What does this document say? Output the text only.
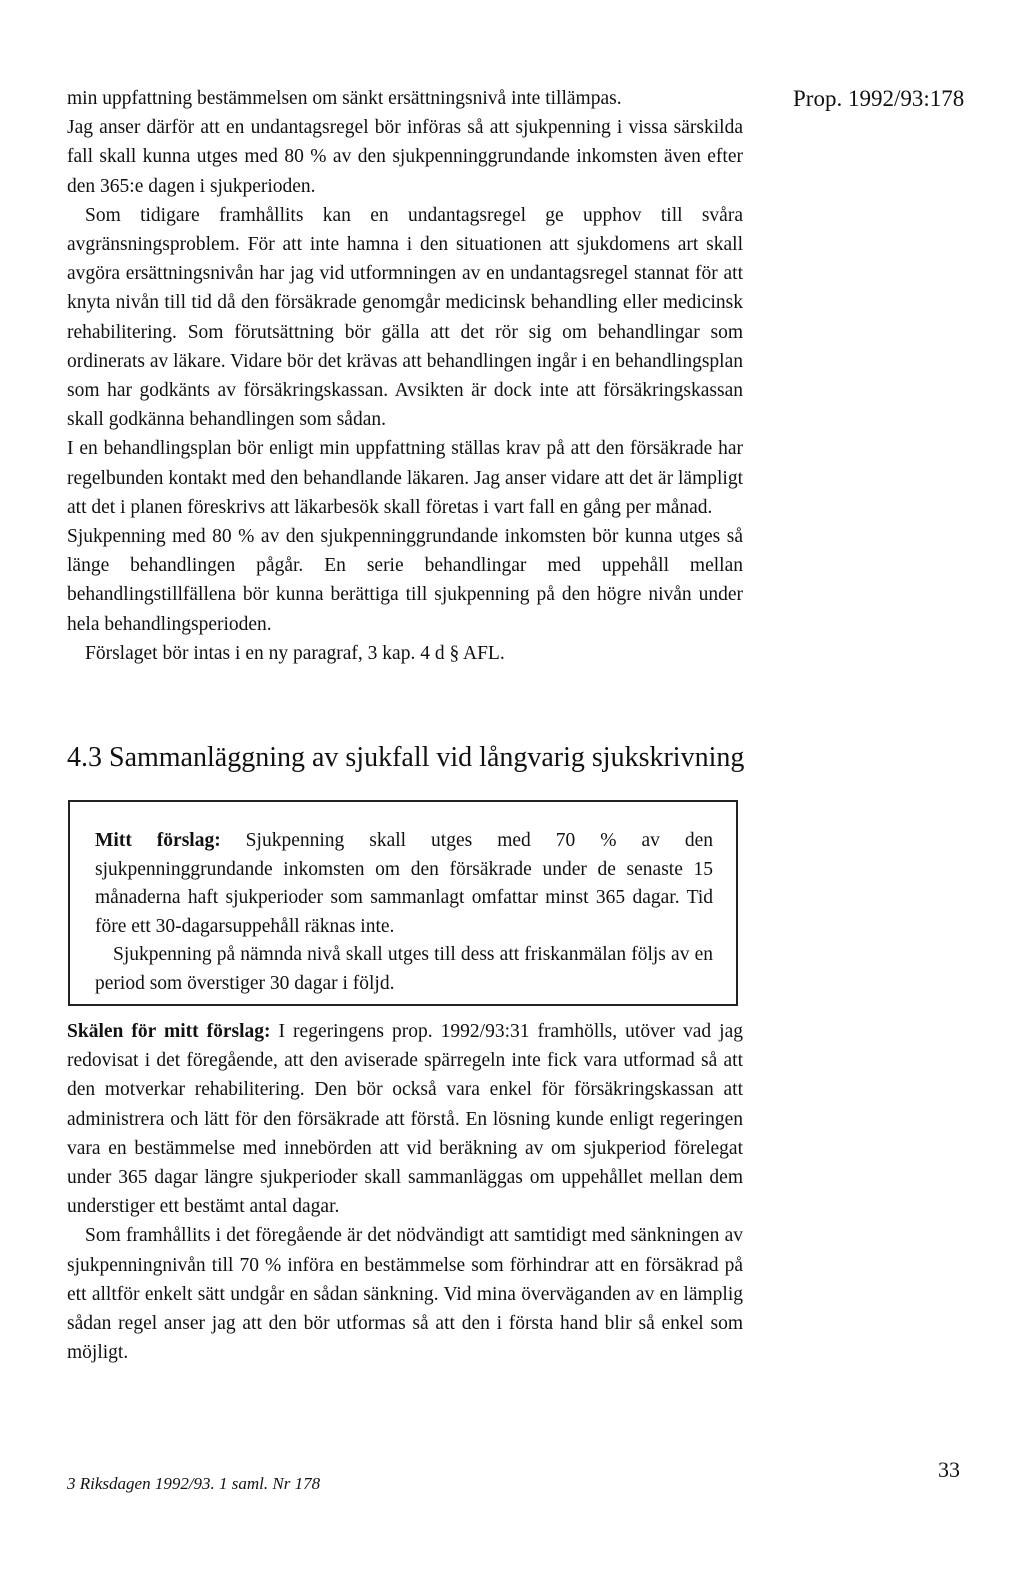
Prop. 1992/93:178

min uppfattning bestämmelsen om sänkt ersättningsnivå inte tillämpas.

Jag anser därför att en undantagsregel bör införas så att sjukpenning i vissa särskilda fall skall kunna utges med 80 % av den sjukpenninggrundande inkomsten även efter den 365:e dagen i sjukperioden.

Som tidigare framhållits kan en undantagsregel ge upphov till svåra avgränsningsproblem. För att inte hamna i den situationen att sjukdomens art skall avgöra ersättningsnivån har jag vid utformningen av en undantagsregel stannat för att knyta nivån till tid då den försäkrade genomgår medicinsk behandling eller medicinsk rehabilitering. Som förutsättning bör gälla att det rör sig om behandlingar som ordinerats av läkare. Vidare bör det krävas att behandlingen ingår i en behandlingsplan som har godkänts av försäkringskassan. Avsikten är dock inte att försäkringskassan skall godkänna behandlingen som sådan.

I en behandlingsplan bör enligt min uppfattning ställas krav på att den försäkrade har regelbunden kontakt med den behandlande läkaren. Jag anser vidare att det är lämpligt att det i planen föreskrivs att läkarbesök skall företas i vart fall en gång per månad.

Sjukpenning med 80 % av den sjukpenninggrundande inkomsten bör kunna utges så länge behandlingen pågår. En serie behandlingar med uppehåll mellan behandlingstillfällena bör kunna berättiga till sjukpenning på den högre nivån under hela behandlingsperioden.

Förslaget bör intas i en ny paragraf, 3 kap. 4 d § AFL.

4.3 Sammanläggning av sjukfall vid långvarig sjukskrivning

Mitt förslag: Sjukpenning skall utges med 70 % av den sjukpenninggrundande inkomsten om den försäkrade under de senaste 15 månaderna haft sjukperioder som sammanlagt omfattar minst 365 dagar. Tid före ett 30-dagarsuppehåll räknas inte.

Sjukpenning på nämnda nivå skall utges till dess att friskanmälan följs av en period som överstiger 30 dagar i följd.

Skälen för mitt förslag: I regeringens prop. 1992/93:31 framhölls, utöver vad jag redovisat i det föregående, att den aviserade spärregeln inte fick vara utformad så att den motverkar rehabilitering. Den bör också vara enkel för försäkringskassan att administrera och lätt för den försäkrade att förstå. En lösning kunde enligt regeringen vara en bestämmelse med innebörden att vid beräkning av om sjukperiod förelegat under 365 dagar längre sjukperioder skall sammanläggas om uppehållet mellan dem understiger ett bestämt antal dagar.

Som framhållits i det föregående är det nödvändigt att samtidigt med sänkningen av sjukpenningnivån till 70 % införa en bestämmelse som förhindrar att en försäkrad på ett alltför enkelt sätt undgår en sådan sänkning. Vid mina överväganden av en lämplig sådan regel anser jag att den bör utformas så att den i första hand blir så enkel som möjligt.

3 Riksdagen 1992/93. 1 saml. Nr 178
33
